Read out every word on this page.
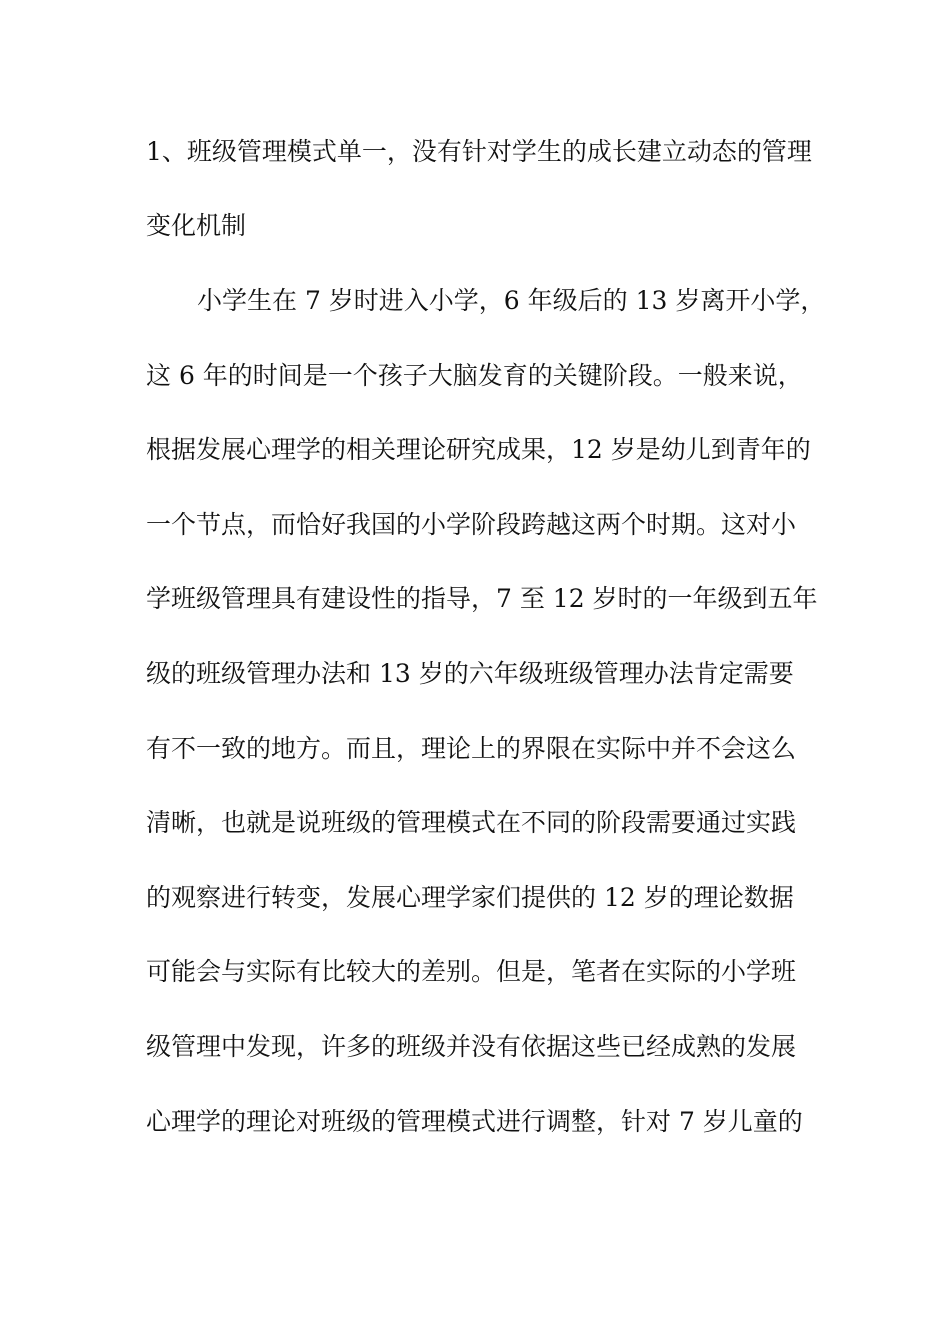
1、班级管理模式单一，没有针对学生的成长建立动态的管理
变化机制
小学生在 7 岁时进入小学，6 年级后的 13 岁离开小学，
这 6 年的时间是一个孩子大脑发育的关键阶段。一般来说，
根据发展心理学的相关理论研究成果，12 岁是幼儿到青年的
一个节点，而恰好我国的小学阶段跨越这两个时期。这对小
学班级管理具有建设性的指导，7 至 12 岁时的一年级到五年
级的班级管理办法和 13 岁的六年级班级管理办法肯定需要
有不一致的地方。而且，理论上的界限在实际中并不会这么
清晰，也就是说班级的管理模式在不同的阶段需要通过实践
的观察进行转变，发展心理学家们提供的 12 岁的理论数据
可能会与实际有比较大的差别。但是，笔者在实际的小学班
级管理中发现，许多的班级并没有依据这些已经成熟的发展
心理学的理论对班级的管理模式进行调整，针对 7 岁儿童的
